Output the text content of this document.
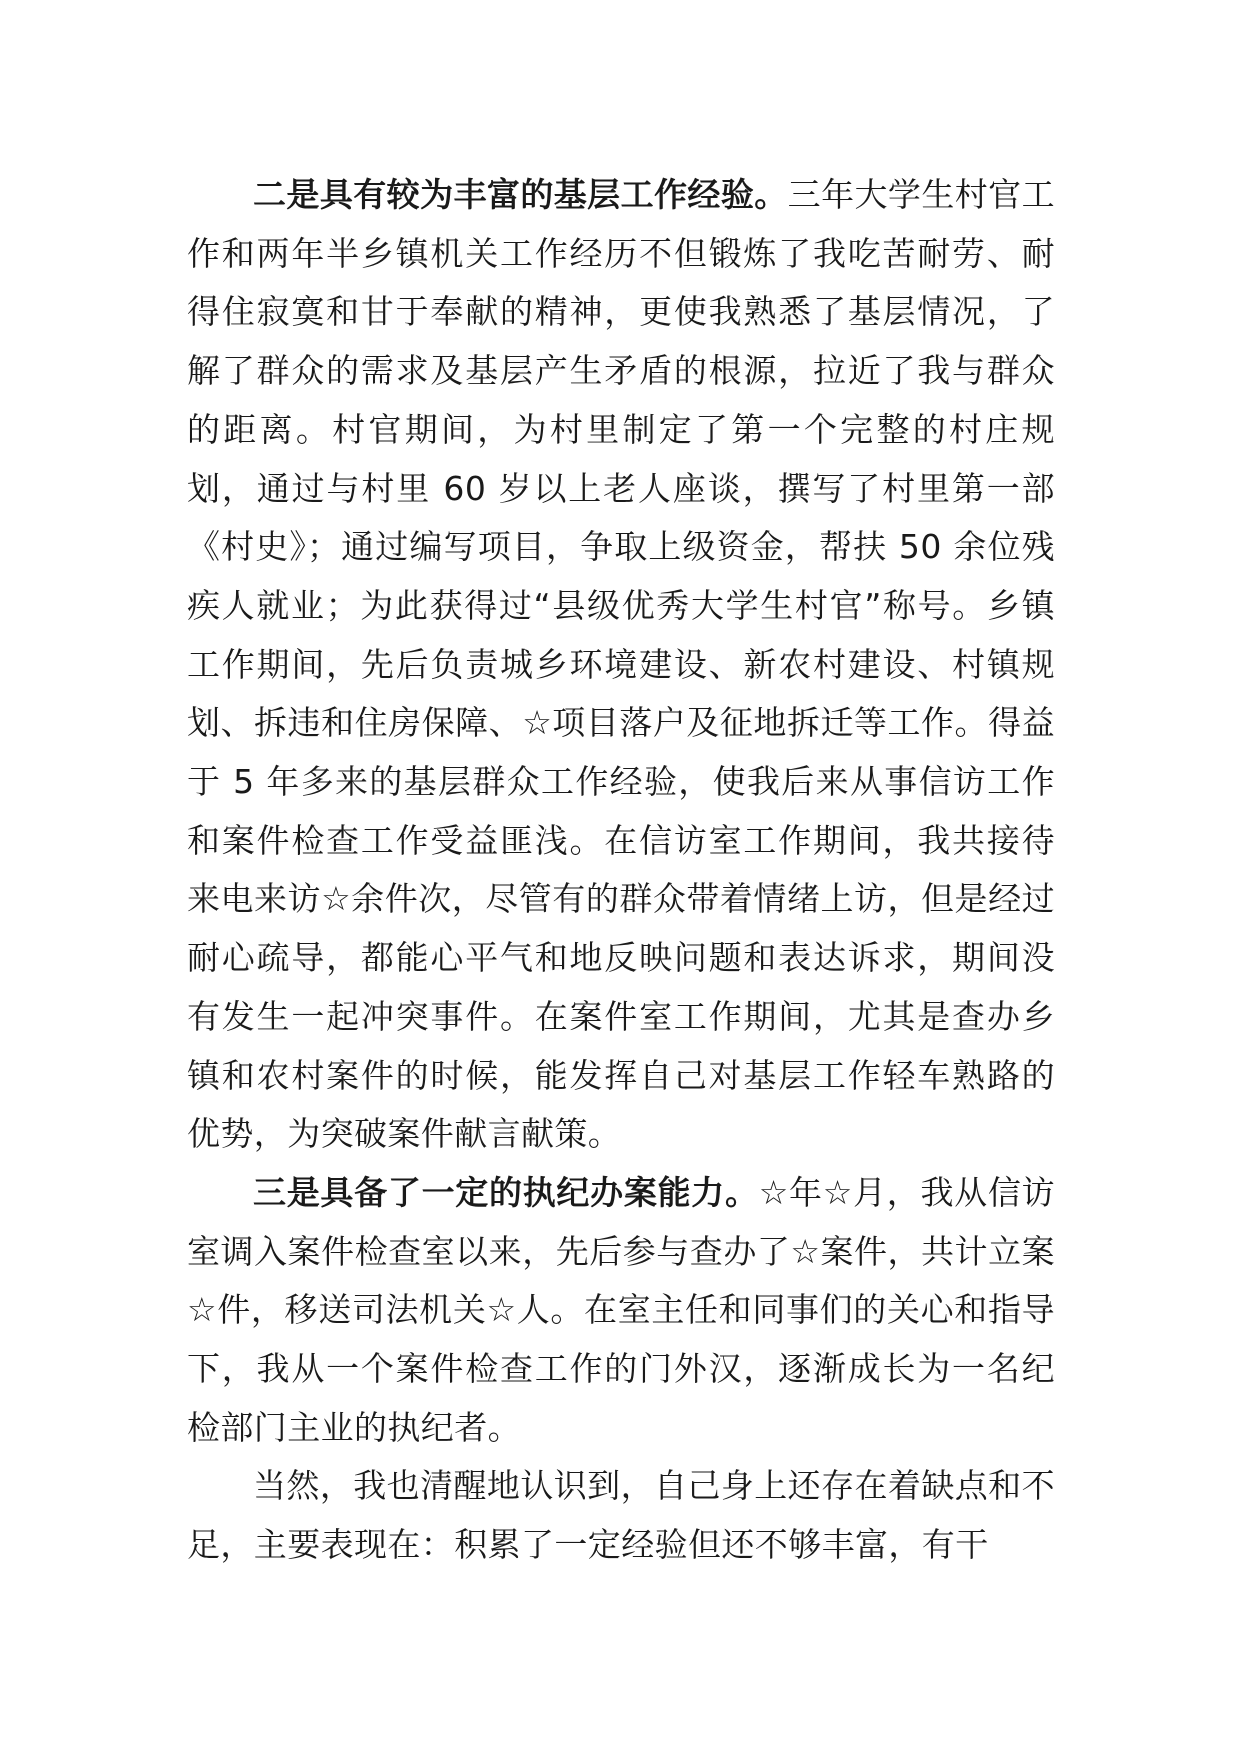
二是具有较为丰富的基层工作经验。三年大学生村官工作和两年半乡镇机关工作经历不但锻炼了我吃苦耐劳、耐得住寂寞和甘于奉献的精神，更使我熟悉了基层情况，了解了群众的需求及基层产生矛盾的根源，拉近了我与群众的距离。村官期间，为村里制定了第一个完整的村庄规划，通过与村里 60 岁以上老人座谈，撰写了村里第一部《村史》；通过编写项目，争取上级资金，帮扶 50 余位残疾人就业；为此获得过“县级优秀大学生村官”称号。乡镇工作期间，先后负责城乡环境建设、新农村建设、村镇规划、拆违和住房保障、☆项目落户及征地拆迁等工作。得益于 5 年多来的基层群众工作经验，使我后来从事信访工作和案件检查工作受益匪浅。在信访室工作期间，我共接待来电来访☆余件次，尽管有的群众带着情绪上访，但是经过耐心疏导，都能心平气和地反映问题和表达诉求，期间没有发生一起冲突事件。在案件室工作期间，尤其是查办乡镇和农村案件的时候，能发挥自己对基层工作轻车熟路的优势，为突破案件献言献策。

三是具备了一定的执纪办案能力。☆年☆月，我从信访室调入案件检查室以来，先后参与查办了☆案件，共计立案☆件，移送司法机关☆人。在室主任和同事们的关心和指导下，我从一个案件检查工作的门外汉，逐渐成长为一名纪检部门主业的执纪者。

当然，我也清醒地认识到，自己身上还存在着缺点和不足，主要表现在：积累了一定经验但还不够丰富，有干
